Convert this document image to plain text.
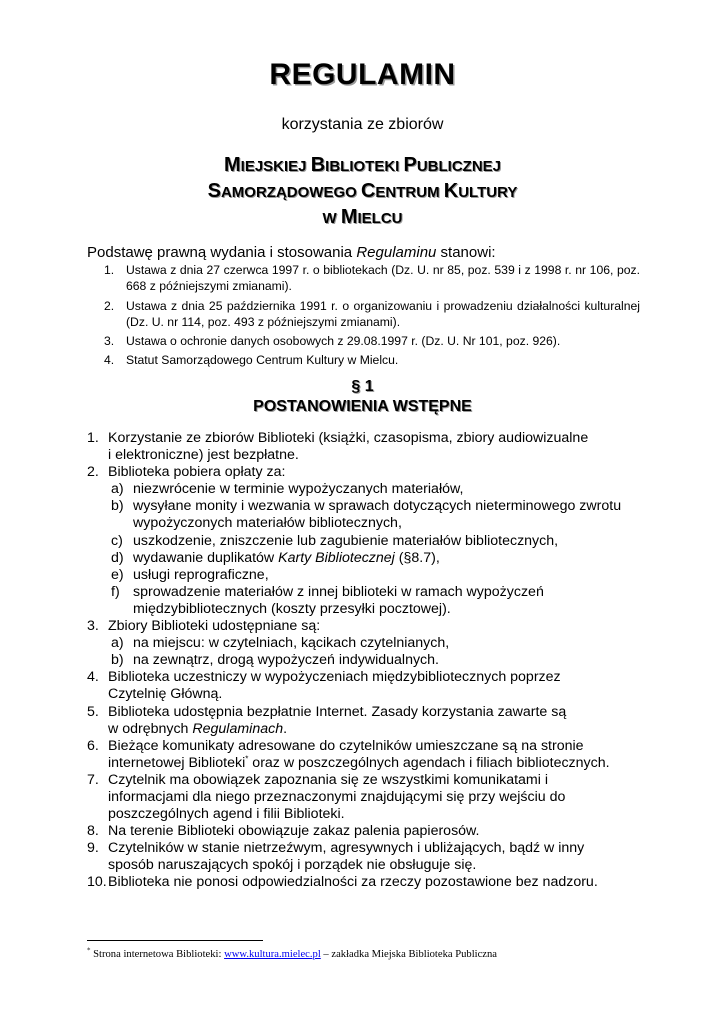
REGULAMIN
korzystania ze zbiorów
MIEJSKIEJ BIBLIOTEKI PUBLICZNEJ
SAMORZĄDOWEGO CENTRUM KULTURY
W MIELCU
Podstawę prawną wydania i stosowania Regulaminu stanowi:
1. Ustawa z dnia 27 czerwca 1997 r. o bibliotekach (Dz. U. nr 85, poz. 539 i z 1998 r. nr 106, poz. 668 z późniejszymi zmianami).
2. Ustawa z dnia 25 października 1991 r. o organizowaniu i prowadzeniu działalności kulturalnej (Dz. U. nr 114, poz. 493 z późniejszymi zmianami).
3. Ustawa o ochronie danych osobowych z 29.08.1997 r. (Dz. U. Nr 101, poz. 926).
4. Statut Samorządowego Centrum Kultury w Mielcu.
§ 1
POSTANOWIENIA WSTĘPNE
1. Korzystanie ze zbiorów Biblioteki (książki, czasopisma, zbiory audiowizualne
i elektroniczne) jest bezpłatne.
2. Biblioteka pobiera opłaty za:
a) niezwrócenie w terminie wypożyczanych materiałów,
b) wysyłane monity i wezwania w sprawach dotyczących nieterminowego zwrotu
wypożyczonych materiałów bibliotecznych,
c) uszkodzenie, zniszczenie lub zagubienie materiałów bibliotecznych,
d) wydawanie duplikatów Karty Bibliotecznej (§8.7),
e) usługi reprograficzne,
f) sprowadzenie materiałów z innej biblioteki w ramach wypożyczeń
międzybibliotecznych (koszty przesyłki pocztowej).
3. Zbiory Biblioteki udostępniane są:
a) na miejscu: w czytelniach, kącikach czytelnianych,
b) na zewnątrz, drogą wypożyczeń indywidualnych.
4. Biblioteka uczestniczy w wypożyczeniach międzybibliotecznych poprzez
Czytelnię Główną.
5. Biblioteka udostępnia bezpłatnie Internet. Zasady korzystania zawarte są
w odrębnych Regulaminach.
6. Bieżące komunikaty adresowane do czytelników umieszczane są na stronie
internetowej Biblioteki* oraz w poszczególnych agendach i filiach bibliotecznych.
7. Czytelnik ma obowiązek zapoznania się ze wszystkimi komunikatami i
informacjami dla niego przeznaczonymi znajdującymi się przy wejściu do
poszczególnych agend i filii Biblioteki.
8. Na terenie Biblioteki obowiązuje zakaz palenia papierosów.
9. Czytelników w stanie nietrzeźwym, agresywnych i ubliżających, bądź w inny
sposób naruszających spokój i porządek nie obsługuje się.
10. Biblioteka nie ponosi odpowiedzialności za rzeczy pozostawione bez nadzoru.
* Strona internetowa Biblioteki: www.kultura.mielec.pl – zakładka Miejska Biblioteka Publiczna
